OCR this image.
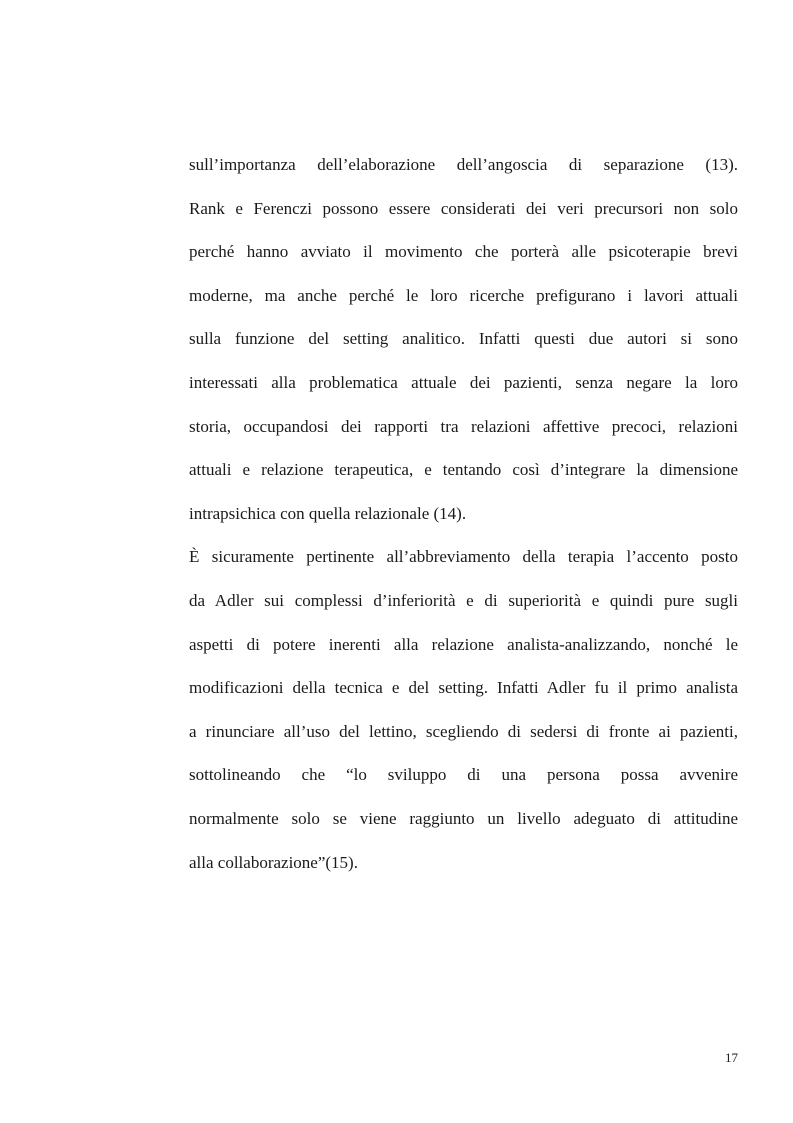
sull’importanza dell’elaborazione dell’angoscia di separazione (13).
Rank e Ferenczi possono essere considerati dei veri precursori non solo
perché hanno avviato il movimento che porterà alle psicoterapie brevi
moderne, ma anche perché le loro ricerche prefigurano i lavori attuali
sulla funzione del setting analitico. Infatti questi due autori si sono
interessati alla problematica attuale dei pazienti, senza negare la loro
storia, occupandosi dei rapporti tra relazioni affettive precoci, relazioni
attuali e relazione terapeutica, e tentando così d’integrare la dimensione
intrapsichica con quella relazionale (14).
È sicuramente pertinente all’abbreviamento della terapia l’accento posto
da Adler sui complessi d’inferiorità e di superiorità e quindi pure sugli
aspetti di potere inerenti alla relazione analista-analizzando, nonché le
modificazioni della tecnica e del setting. Infatti Adler fu il primo analista
a rinunciare all’uso del lettino, scegliendo di sedersi di fronte ai pazienti,
sottolineando che “lo sviluppo di una persona possa avvenire
normalmente solo se viene raggiunto un livello adeguato di attitudine
alla collaborazione”(15).
17
